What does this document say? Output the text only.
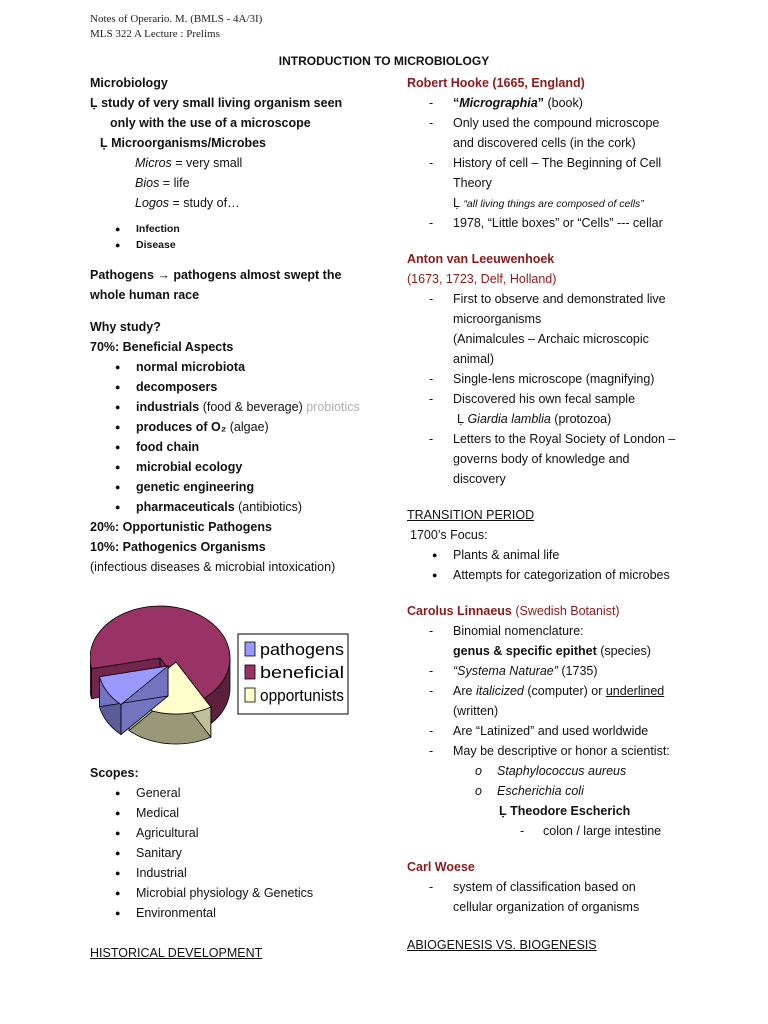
Notes of Operario. M. (BMLS - 4A/3I)
MLS 322 A Lecture : Prelims
INTRODUCTION TO MICROBIOLOGY
Microbiology
Ḷ study of very small living organism seen
only with the use of a microscope
Ḷ Microorganisms/Microbes
Micros = very small
Bios = life
Logos = study of…
● Infection
● Disease
Pathogens → pathogens almost swept the
whole human race
Why study?
70%: Beneficial Aspects
● normal microbiota
● decomposers
● industrials (food & beverage) probiotics
● produces of O₂ (algae)
● food chain
● microbial ecology
● genetic engineering
● pharmaceuticals (antibiotics)
20%: Opportunistic Pathogens
10%: Pathogenics Organisms
(infectious diseases & microbial intoxication)
Scopes:
● General
● Medical
● Agricultural
● Sanitary
● Industrial
● Microbial physiology & Genetics
● Environmental
HISTORICAL DEVELOPMENT
pathogens
beneficial
opportunists
Robert Hooke (1665, England)
- “Micrographia” (book)
- Only used the compound microscope
and discovered cells (in the cork)
- History of cell – The Beginning of Cell
Theory
Ḷ “all living things are composed of cells”
- 1978, “Little boxes” or “Cells” --- cellar
Anton van Leeuwenhoek
(1673, 1723, Delf, Holland)
- First to observe and demonstrated live
microorganisms
(Animalcules – Archaic microscopic
animal)
- Single-lens microscope (magnifying)
- Discovered his own fecal sample
Ḷ Giardia lamblia (protozoa)
- Letters to the Royal Society of London –
governs body of knowledge and
discovery
TRANSITION PERIOD
1700’s Focus:
● Plants & animal life
● Attempts for categorization of microbes
Carolus Linnaeus (Swedish Botanist)
- Binomial nomenclature:
genus & specific epithet (species)
- “Systema Naturae” (1735)
- Are italicized (computer) or underlined
(written)
- Are “Latinized” and used worldwide
- May be descriptive or honor a scientist:
o Staphylococcus aureus
o Escherichia coli
Ḷ Theodore Escherich
- colon / large intestine
Carl Woese
- system of classification based on
cellular organization of organisms
ABIOGENESIS VS. BIOGENESIS
